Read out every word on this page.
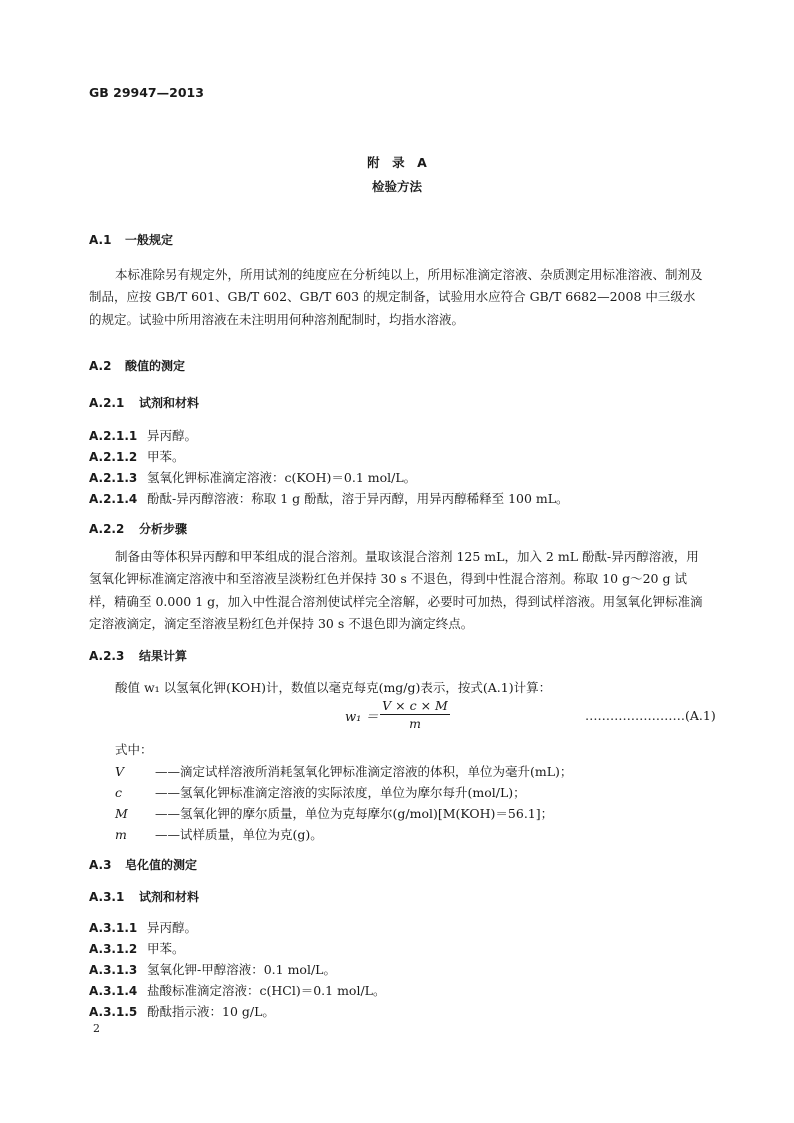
GB 29947—2013
附　录　A
检验方法
A.1 一般规定
本标准除另有规定外，所用试剂的纯度应在分析纯以上，所用标准滴定溶液、杂质测定用标准溶液、制剂及制品，应按 GB/T 601、GB/T 602、GB/T 603 的规定制备，试验用水应符合 GB/T 6682—2008 中三级水的规定。试验中所用溶液在未注明用何种溶剂配制时，均指水溶液。
A.2 酸值的测定
A.2.1 试剂和材料
A.2.1.1 异丙醇。
A.2.1.2 甲苯。
A.2.1.3 氢氧化钾标准滴定溶液：c(KOH)＝0.1 mol/L。
A.2.1.4 酚酞-异丙醇溶液：称取 1 g 酚酞，溶于异丙醇，用异丙醇稀释至 100 mL。
A.2.2 分析步骤
制备由等体积异丙醇和甲苯组成的混合溶剂。量取该混合溶剂 125 mL，加入 2 mL 酚酞-异丙醇溶液，用氢氧化钾标准滴定溶液中和至溶液呈淡粉红色并保持 30 s 不退色，得到中性混合溶剂。称取 10 g～20 g 试样，精确至 0.000 1 g，加入中性混合溶剂使试样完全溶解，必要时可加热，得到试样溶液。用氢氧化钾标准滴定溶液滴定，滴定至溶液呈粉红色并保持 30 s 不退色即为滴定终点。
A.2.3 结果计算
酸值 w₁ 以氢氧化钾(KOH)计，数值以毫克每克(mg/g)表示，按式(A.1)计算：
$w_1 = \frac{V \times c \times M}{m}$	……………………(A.1)
式中：
V ——滴定试样溶液所消耗氢氧化钾标准滴定溶液的体积，单位为毫升(mL)；
c	——氢氧化钾标准滴定溶液的实际浓度，单位为摩尔每升(mol/L)；
M ——氢氧化钾的摩尔质量，单位为克每摩尔(g/mol)[M(KOH)＝56.1]；
m ——试样质量，单位为克(g)。
A.3 皂化值的测定
A.3.1 试剂和材料
A.3.1.1 异丙醇。
A.3.1.2 甲苯。
A.3.1.3 氢氧化钾-甲醇溶液：0.1 mol/L。
A.3.1.4 盐酸标准滴定溶液：c(HCl)＝0.1 mol/L。
A.3.1.5 酚酞指示液：10 g/L。
2
